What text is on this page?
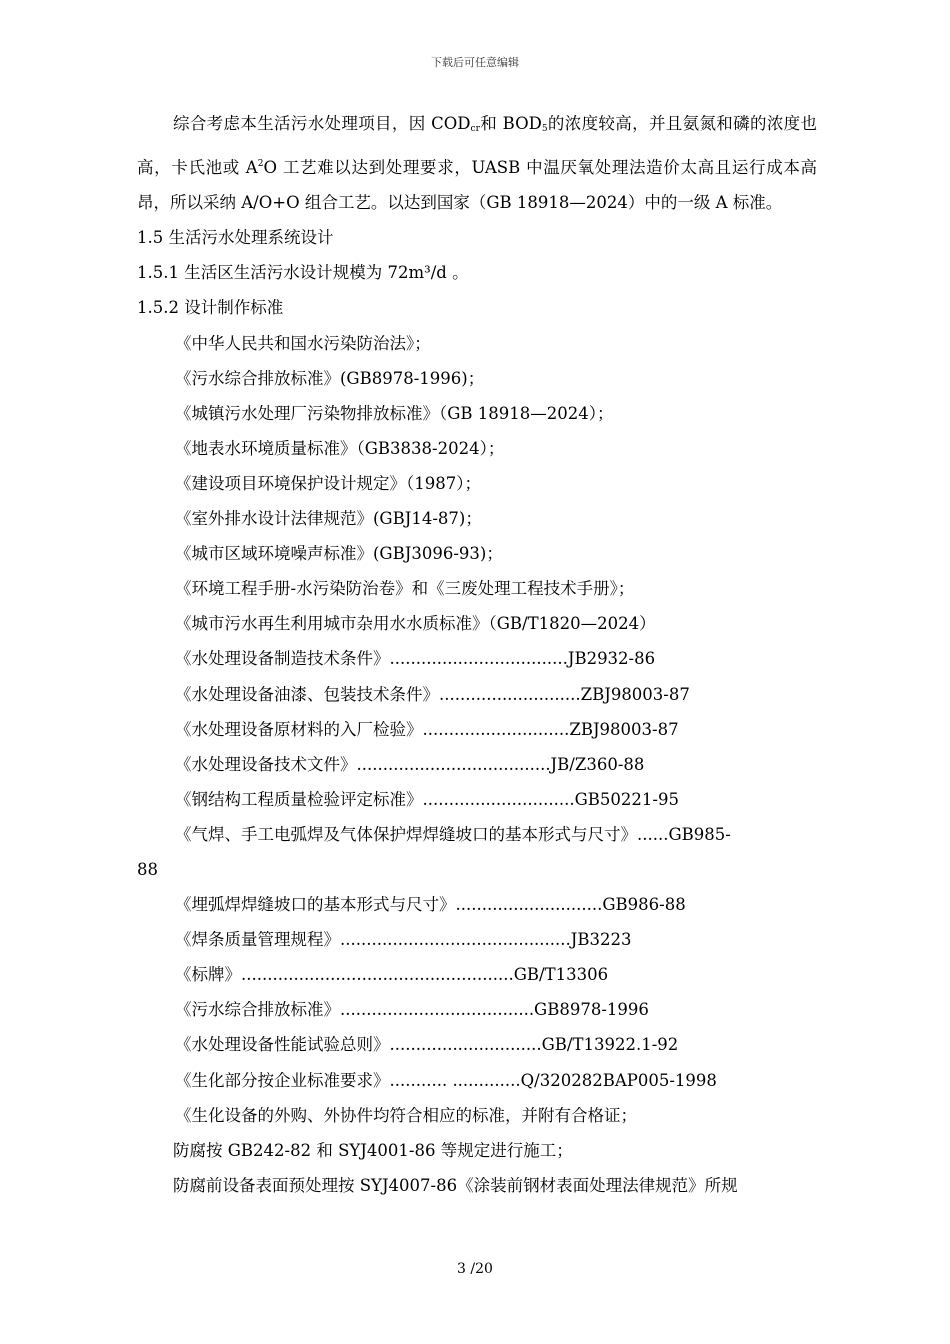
下载后可任意编辑
综合考虑本生活污水处理项目，因 $COD_{cr}$和 $BOD_5$的浓度较高，并且氨氮和磷的浓度也高，卡氏池或 $A^2O$ 工艺难以达到处理要求，UASB 中温厌氧处理法造价太高且运行成本高昂，所以采纳 A/O+O 组合工艺。以达到国家（GB 18918—2024）中的一级 A 标准。
1.5 生活污水处理系统设计
1.5.1 生活区生活污水设计规模为 72m³/d 。
1.5.2 设计制作标准
《中华人民共和国水污染防治法》；
《污水综合排放标准》(GB8978-1996)；
《城镇污水处理厂污染物排放标准》（GB 18918—2024）；
《地表水环境质量标准》（GB3838-2024）；
《建设项目环境保护设计规定》（1987）；
《室外排水设计法律规范》(GBJ14-87)；
《城市区域环境噪声标准》(GBJ3096-93)；
《环境工程手册-水污染防治卷》和《三废处理工程技术手册》；
《城市污水再生利用城市杂用水水质标准》（GB/T1820—2024）
《水处理设备制造技术条件》..................................JB2932-86
《水处理设备油漆、包装技术条件》...........................ZBJ98003-87
《水处理设备原材料的入厂检验》............................ZBJ98003-87
《水处理设备技术文件》.....................................JB/Z360-88
《钢结构工程质量检验评定标准》.............................GB50221-95
《气焊、手工电弧焊及气体保护焊焊缝坡口的基本形式与尺寸》......GB985-
88
《埋弧焊焊缝坡口的基本形式与尺寸》............................GB986-88
《焊条质量管理规程》............................................JB3223
《标牌》....................................................GB/T13306
《污水综合排放标准》.....................................GB8978-1996
《水处理设备性能试验总则》.............................GB/T13922.1-92
《生化部分按企业标准要求》........... .............Q/320282BAP005-1998
《生化设备的外购、外协件均符合相应的标准，并附有合格证；
防腐按 GB242-82 和 SYJ4001-86 等规定进行施工；
防腐前设备表面预处理按 SYJ4007-86《涂装前钢材表面处理法律规范》所规
3 /20
